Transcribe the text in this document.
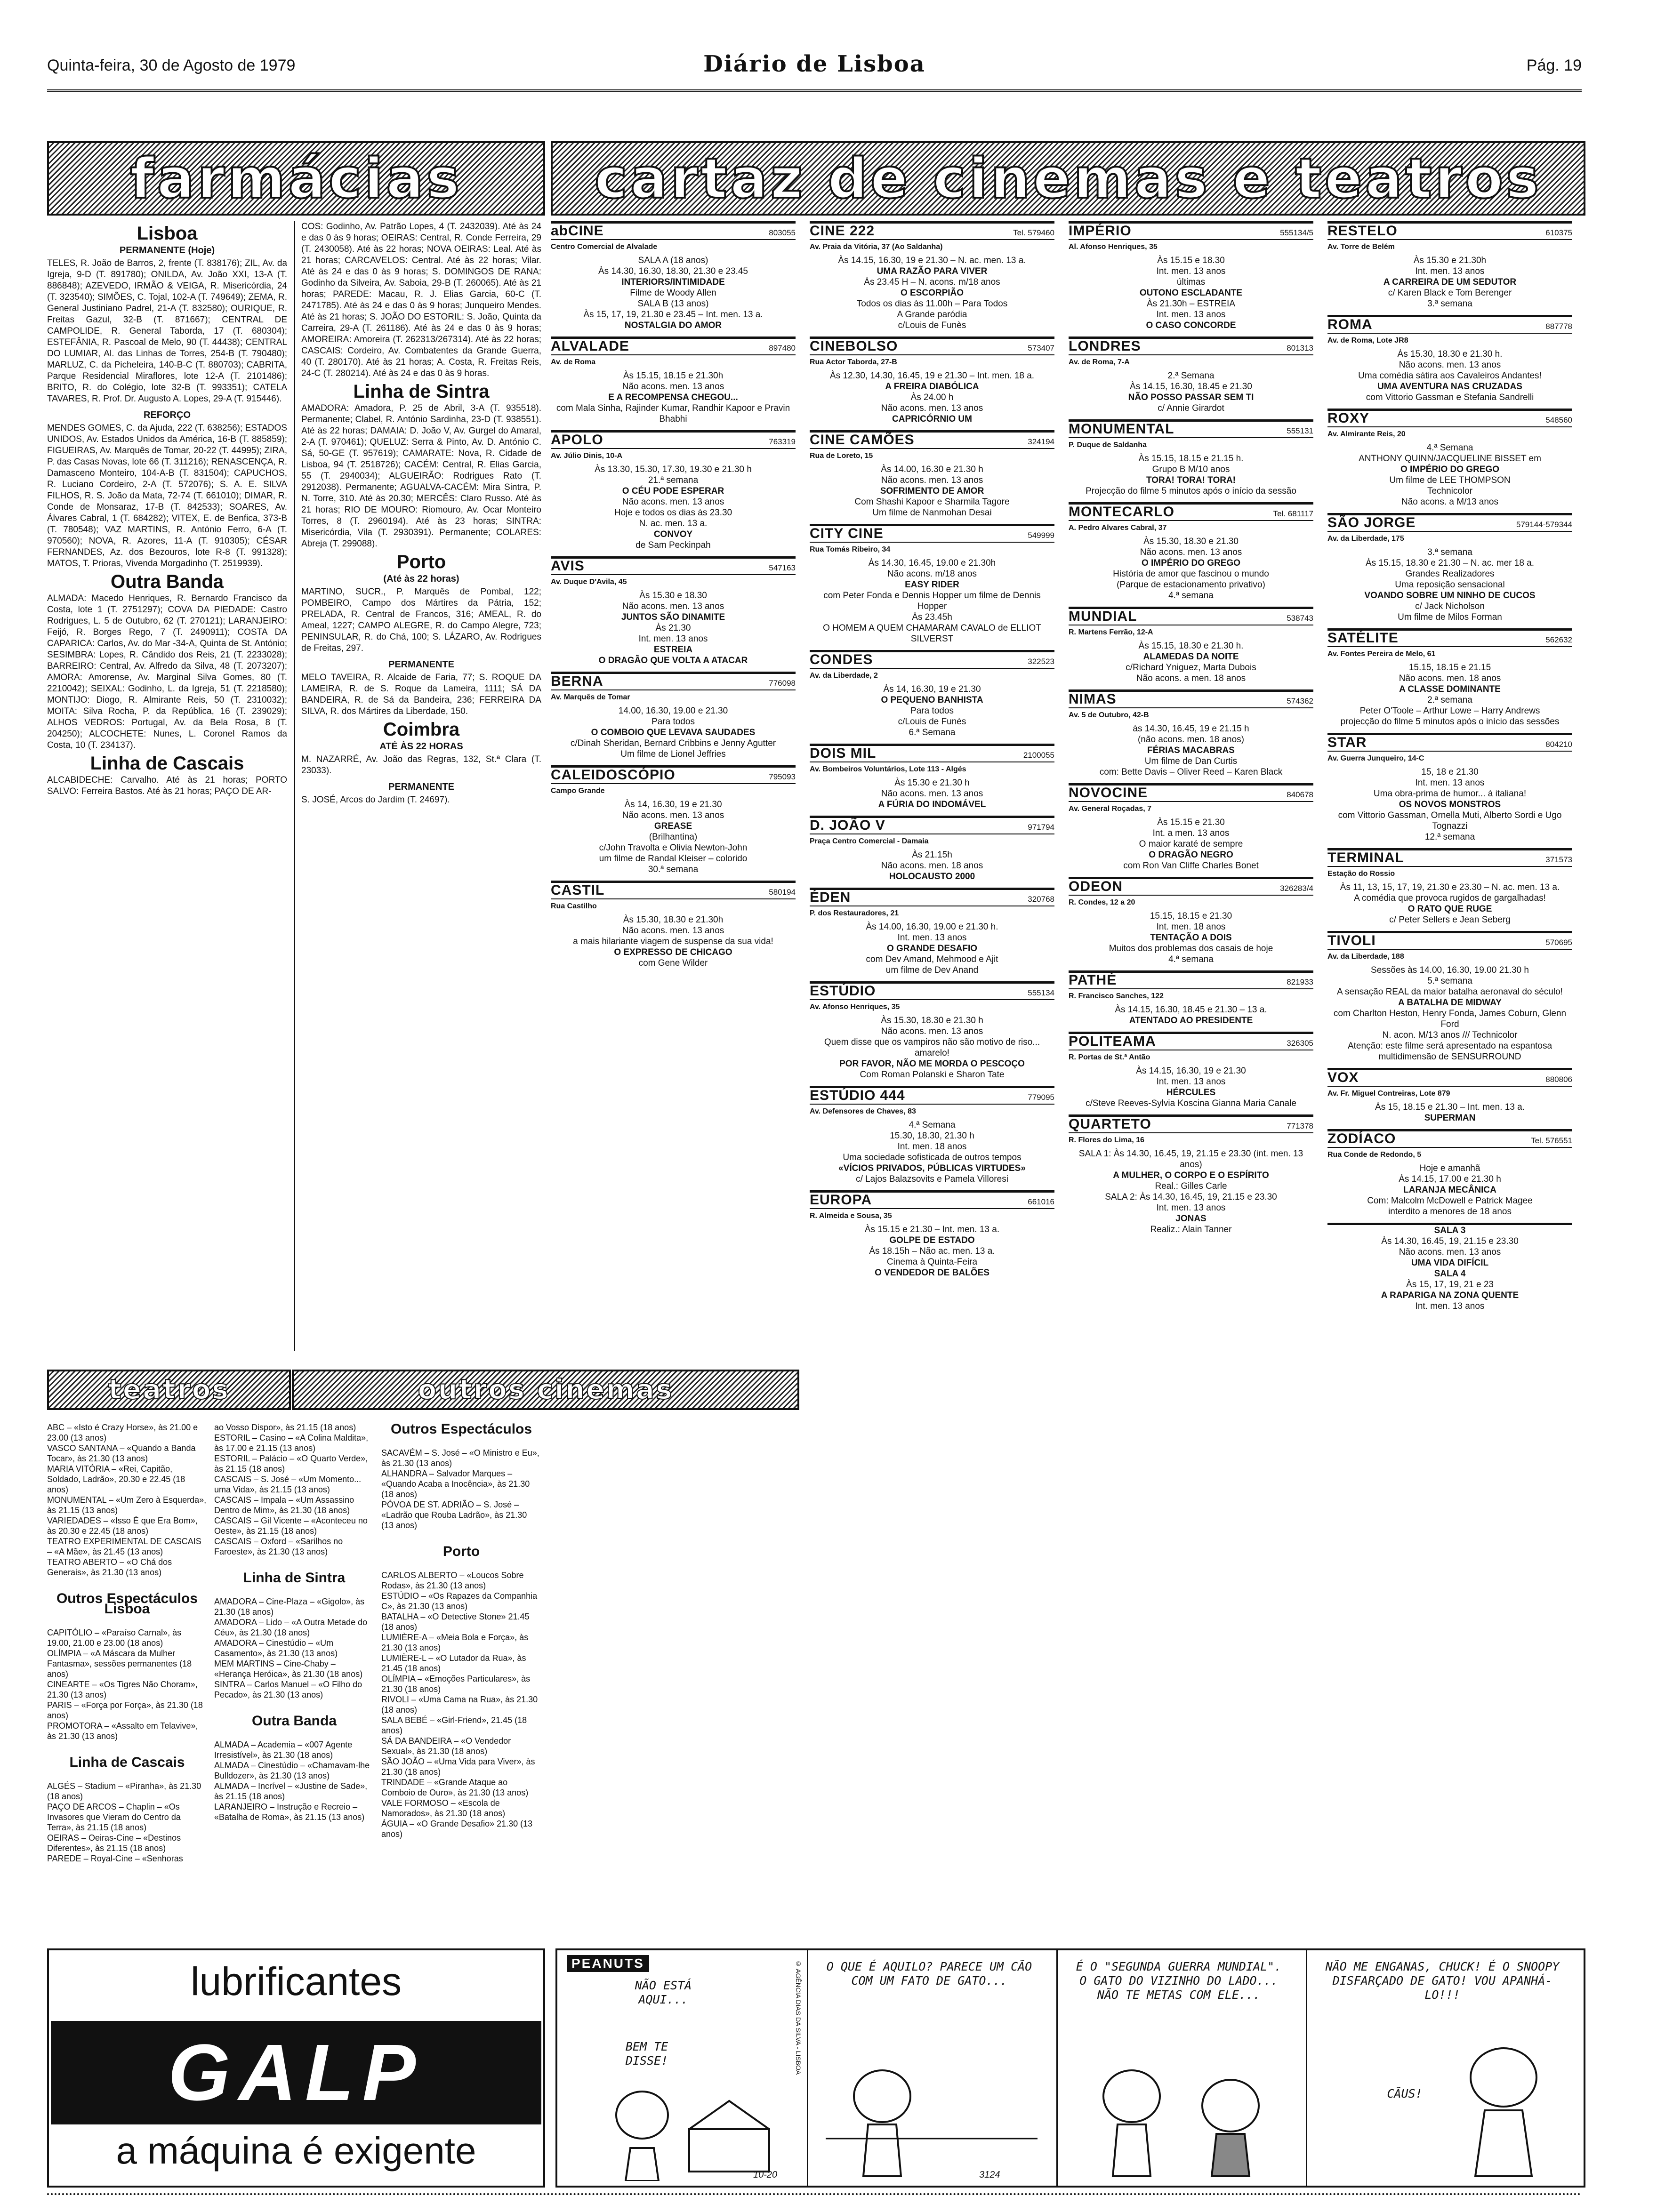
Quinta-feira, 30 de Agosto de 1979	Diário de Lisboa	Pág. 19
farmácias	cartaz de cinemas e teatros
Lisboa
PERMANENTE (Hoje)

TELES, R. João de Barros, 2, frente (T. 838176); ZIL, Av. da Igreja, 9-D (T. 891780); ONILDA, Av. João XXI, 13-A (T. 886848); AZEVEDO, IRMÃO & VEIGA, R. Misericórdia, 24 (T. 323540); SIMÕES, C. Tojal, 102-A (T. 749649); ZEMA, R. General Justiniano Padrel, 21-A (T. 832580); OURIQUE, R. Freitas Gazul, 32-B (T. 871667); CENTRAL DE CAMPOLIDE, R. General Taborda, 17 (T. 680304); ESTEFÂNIA, R. Pascoal de Melo, 90 (T. 44438); CENTRAL DO LUMIAR, Al. das Linhas de Torres, 254-B (T. 790480); MARLUZ, C. da Picheleira, 140-B-C (T. 880703); CABRITA, Parque Residencial Miraflores, lote 12-A (T. 2101486); BRITO, R. do Colégio, lote 32-B (T. 993351); CATELA TAVARES, R. Prof. Dr. Augusto A. Lopes, 29-A (T. 915446).

REFORÇO

MENDES GOMES, C. da Ajuda, 222 (T. 638256); ESTADOS UNIDOS, Av. Estados Unidos da América, 16-B (T. 885859); FIGUEIRAS, Av. Marquês de Tomar, 20-22 (T. 44995); ZIRA, P. das Casas Novas, lote 66 (T. 311216); RENASCENÇA, R. Damasceno Monteiro, 104-A-B (T. 831504); CAPUCHOS, R. Luciano Cordeiro, 2-A (T. 572076); S. A. E. SILVA FILHOS, R. S. João da Mata, 72-74 (T. 661010); DIMAR, R. Conde de Monsaraz, 17-B (T. 842533); SOARES, Av. Álvares Cabral, 1 (T. 684282); VITEX, E. de Benfica, 373-B (T. 780548); VAZ MARTINS, R. António Ferro, 6-A (T. 970560); NOVA, R. Azores, 11-A (T. 910305); CÉSAR FERNANDES, Az. dos Bezouros, lote R-8 (T. 991328); MATOS, T. Prioras, Vivenda Morgadinho (T. 2519939).

Outra Banda

ALMADA: Macedo Henriques, R. Bernardo Francisco da Costa, lote 1 (T. 2751297); COVA DA PIEDADE: Castro Rodrigues, L. 5 de Outubro, 62 (T. 270121); LARANJEIRO: Feijó, R. Borges Rego, 7 (T. 2490911); COSTA DA CAPARICA: Carlos, Av. do Mar -34-A, Quinta de St. António; SESIMBRA: Lopes, R. Cândido dos Reis, 21 (T. 2233028); BARREIRO: Central, Av. Alfredo da Silva, 48 (T. 2073207); AMORA: Amorense, Av. Marginal Silva Gomes, 80 (T. 2210042); SEIXAL: Godinho, L. da Igreja, 51 (T. 2218580); MONTIJO: Diogo, R. Almirante Reis, 50 (T. 2310032); MOITA: Silva Rocha, P. da República, 16 (T. 239029); ALHOS VEDROS: Portugal, Av. da Bela Rosa, 8 (T. 204250); ALCOCHETE: Nunes, L. Coronel Ramos da Costa, 10 (T. 234137).

Linha de Cascais

ALCABIDECHE: Carvalho. Até às 21 horas; PORTO SALVO: Ferreira Bastos. Até às 21 horas; PAÇO DE AR-

COS: Godinho, Av. Patrão Lopes, 4 (T. 2432039). Até às 24 e das 0 às 9 horas; OEIRAS: Central, R. Conde Ferreira, 29 (T. 2430058). Até às 22 horas; NOVA OEIRAS: Leal. Até às 21 horas; CARCAVELOS: Central. Até às 22 horas; Vilar. Até às 24 e das 0 às 9 horas; S. DOMINGOS DE RANA: Godinho da Silveira, Av. Saboia, 29-B (T. 260065). Até às 21 horas; PAREDE: Macau, R. J. Elias Garcia, 60-C (T. 2471785). Até às 24 e das 0 às 9 horas; Junqueiro Mendes. Até às 21 horas; S. JOÃO DO ESTORIL: S. João, Quinta da Carreira, 29-A (T. 261186). Até às 24 e das 0 às 9 horas; AMOREIRA: Amoreira (T. 262313/267314). Até às 22 horas; CASCAIS: Cordeiro, Av. Combatentes da Grande Guerra, 40 (T. 280170). Até às 21 horas; A. Costa, R. Freitas Reis, 24-C (T. 280214). Até às 24 e das 0 às 9 horas.

Linha de Sintra

AMADORA: Amadora, P. 25 de Abril, 3-A (T. 935518). Permanente; Clabel, R. António Sardinha, 23-D (T. 938551). Até às 22 horas; DAMAIA: D. João V, Av. Gurgel do Amaral, 2-A (T. 970461); QUELUZ: Serra & Pinto, Av. D. António C. Sá, 50-GE (T. 957619); CAMARATE: Nova, R. Cidade de Lisboa, 94 (T. 2518726); CACÉM: Central, R. Elias Garcia, 55 (T. 2940034); ALGUEIRÃO: Rodrigues Rato (T. 2912038). Permanente; AGUALVA-CACÉM: Mira Sintra, P. N. Torre, 310. Até às 20.30; MERCÊS: Claro Russo. Até às 21 horas; RIO DE MOURO: Riomouro, Av. Ocar Monteiro Torres, 8 (T. 2960194). Até às 23 horas; SINTRA: Misericórdia, Vila (T. 2930391). Permanente; COLARES: Abreja (T. 299088).

Porto
(Até às 22 horas)

MARTINO, SUCR., P. Marquês de Pombal, 122; POMBEIRO, Campo dos Mártires da Pátria, 152; PRELADA, R. Central de Francos, 316; AMEAL, R. do Ameal, 1227; CAMPO ALEGRE, R. do Campo Alegre, 723; PENINSULAR, R. do Chá, 100; S. LÁZARO, Av. Rodrigues de Freitas, 297.

PERMANENTE

MELO TAVEIRA, R. Alcaide de Faria, 77; S. ROQUE DA LAMEIRA, R. de S. Roque da Lameira, 1111; SÁ DA BANDEIRA, R. de Sá da Bandeira, 236; FERREIRA DA SILVA, R. dos Mártires da Liberdade, 150.

Coimbra
ATÉ ÀS 22 HORAS

M. NAZARRÉ, Av. João das Regras, 132, St.ª Clara (T. 23033).

PERMANENTE

S. JOSÉ, Arcos do Jardim (T. 24697).

teatros	outros cinemas

ABC – «Isto é Crazy Horse», às 21.00 e 23.00 (13 anos)
VASCO SANTANA – «Quando a Banda Tocar», às 21.30 (13 anos)
MARIA VITÓRIA – «Rei, Capitão, Soldado, Ladrão», 20.30 e 22.45 (18 anos)
MONUMENTAL – «Um Zero à Esquerda», às 21.15 (13 anos)
VARIEDADES – «Isso É que Era Bom», às 20.30 e 22.45 (18 anos)
TEATRO EXPERIMENTAL DE CASCAIS – «A Mãe», às 21.45 (13 anos)
TEATRO ABERTO – «O Chá dos Generais», às 21.30 (13 anos)

Outros Espectáculos Lisboa

CAPITÓLIO – «Paraíso Carnal», às 19.00, 21.00 e 23.00 (18 anos)
OLÍMPIA – «A Máscara da Mulher Fantasma», sessões permanentes (18 anos)
CINEARTE – «Os Tigres Não Choram», 21.30 (13 anos)
PARIS – «Força por Força», às 21.30 (18 anos)
PROMOTORA – «Assalto em Telavive», às 21.30 (13 anos)

Linha de Cascais

ALGÉS – Stadium – «Piranha», às 21.30 (18 anos)
PAÇO DE ARCOS – Chaplin – «Os Invasores que Vieram do Centro da Terra», às 21.15 (18 anos)
OEIRAS – Oeiras-Cine – «Destinos Diferentes», às 21.15 (18 anos)
PAREDE – Royal-Cine – «Senhoras

ao Vosso Dispor», às 21.15 (18 anos)
ESTORIL – Casino – «A Colina Maldita», às 17.00 e 21.15 (13 anos)
ESTORIL – Palácio – «O Quarto Verde», às 21.15 (18 anos)
CASCAIS – S. José – «Um Momento... uma Vida», às 21.15 (13 anos)
CASCAIS – Impala – «Um Assassino Dentro de Mim», às 21.30 (18 anos)
CASCAIS – Gil Vicente – «Aconteceu no Oeste», às 21.15 (18 anos)
CASCAIS – Oxford – «Sarilhos no Faroeste», às 21.30 (13 anos)

Linha de Sintra

AMADORA – Cine-Plaza – «Gigolo», às 21.30 (18 anos)
AMADORA – Lido – «A Outra Metade do Céu», às 21.30 (18 anos)
AMADORA – Cinestúdio – «Um Casamento», às 21.30 (13 anos)
MEM MARTINS – Cine-Chaby – «Herança Heróica», às 21.30 (18 anos)
SINTRA – Carlos Manuel – «O Filho do Pecado», às 21.30 (13 anos)

Outra Banda

ALMADA – Academia – «007 Agente Irresistível», às 21.30 (18 anos)
ALMADA – Cinestúdio – «Chamavam-lhe Bulldozer», às 21.30 (13 anos)
ALMADA – Incrível – «Justine de Sade», às 21.15 (18 anos)
LARANJEIRO – Instrução e Recreio – «Batalha de Roma», às 21.15 (13 anos)

Outros Espectáculos

SACAVÉM – S. José – «O Ministro e Eu», às 21.30 (13 anos)
ALHANDRA – Salvador Marques – «Quando Acaba a Inocência», às 21.30 (18 anos)
PÓVOA DE ST. ADRIÃO – S. José – «Ladrão que Rouba Ladrão», às 21.30 (13 anos)

Porto

CARLOS ALBERTO – «Loucos Sobre Rodas», às 21.30 (13 anos)
ESTÚDIO – «Os Rapazes da Companhia C», às 21.30 (13 anos)
BATALHA – «O Detective Stone» 21.45 (18 anos)
LUMIÈRE-A – «Meia Bola e Força», às 21.30 (13 anos)
LUMIÈRE-L – «O Lutador da Rua», às 21.45 (18 anos)
OLÍMPIA – «Emoções Particulares», às 21.30 (18 anos)
RIVOLI – «Uma Cama na Rua», às 21.30 (18 anos)
SALA BEBÉ – «Girl-Friend», 21.45 (18 anos)
SÁ DA BANDEIRA – «O Vendedor Sexual», às 21.30 (18 anos)
SÃO JOÃO – «Uma Vida para Viver», às 21.30 (18 anos)
TRINDADE – «Grande Ataque ao Comboio de Ouro», às 21.30 (13 anos)
VALE FORMOSO – «Escola de Namorados», às 21.30 (18 anos)
ÁGUIA – «O Grande Desafio» 21.30 (13 anos)

abCINE	803055
Centro Comercial de Alvalade
SALA A (18 anos)
Às 14.30, 16.30, 18.30, 21.30 e 23.45
INTERIORS/INTIMIDADE
Filme de Woody Allen
SALA B (13 anos)
Às 15, 17, 19, 21.30 e 23.45 – Int. men. 13 a.
NOSTALGIA DO AMOR
ALVALADE	897480
Av. de Roma
Às 15.15, 18.15 e 21.30h
Não acons. men. 13 anos
E A RECOMPENSA CHEGOU...
com Mala Sinha, Rajinder Kumar, Randhir Kapoor e Pravin Bhabhi
APOLO	763319
Av. Júlio Dinis, 10-A
Às 13.30, 15.30, 17.30, 19.30 e 21.30 h
21.ª semana
O CÉU PODE ESPERAR
Não acons. men. 13 anos
Hoje e todos os dias às 23.30
N. ac. men. 13 a.
CONVOY
de Sam Peckinpah
AVIS	547163
Av. Duque D'Avila, 45
Às 15.30 e 18.30
Não acons. men. 13 anos
JUNTOS SÃO DINAMITE
Às 21.30
Int. men. 13 anos
ESTREIA
O DRAGÃO QUE VOLTA A ATACAR
BERNA	776098
Av. Marquês de Tomar
14.00, 16.30, 19.00 e 21.30
Para todos
O COMBOIO QUE LEVAVA SAUDADES
c/Dinah Sheridan, Bernard Cribbins e Jenny Agutter
Um filme de Lionel Jeffries
CALEIDOSCÓPIO	795093
Campo Grande
Às 14, 16.30, 19 e 21.30
Não acons. men. 13 anos
GREASE
(Brilhantina)
c/John Travolta e Olivia Newton-John
um filme de Randal Kleiser – colorido
30.ª semana
CASTIL	580194
Rua Castilho
Às 15.30, 18.30 e 21.30h
Não acons. men. 13 anos
a mais hilariante viagem de suspense da sua vida!
O EXPRESSO DE CHICAGO
com Gene Wilder
CINE 222	Tel. 579460
Av. Praia da Vitória, 37 (Ao Saldanha)
Às 14.15, 16.30, 19 e 21.30 – N. ac. men. 13 a.
UMA RAZÃO PARA VIVER
Às 23.45 H – N. acons. m/18 anos
O ESCORPIÃO
Todos os dias às 11.00h – Para Todos
A Grande paródia
c/Louis de Funès
CINEBOLSO	573407
Rua Actor Taborda, 27-B
Às 12.30, 14.30, 16.45, 19 e 21.30 – Int. men. 18 a.
A FREIRA DIABÓLICA
Às 24.00 h
Não acons. men. 13 anos
CAPRICÓRNIO UM
CINE CAMÕES	324194
Rua de Loreto, 15
Às 14.00, 16.30 e 21.30 h
Não acons. men. 13 anos
SOFRIMENTO DE AMOR
Com Shashi Kapoor e Sharmila Tagore
Um filme de Nanmohan Desai
CITY CINE	549999
Rua Tomás Ribeiro, 34
Às 14.30, 16.45, 19.00 e 21.30h
Não acons. m/18 anos
EASY RIDER
com Peter Fonda e Dennis Hopper um filme de Dennis Hopper
Às 23.45h
O HOMEM A QUEM CHAMARAM CAVALO de ELLIOT SILVERST
CONDES	322523
Av. da Liberdade, 2
Às 14, 16.30, 19 e 21.30
O PEQUENO BANHISTA
Para todos
c/Louis de Funès
6.ª Semana
DOIS MIL	2100055
Av. Bombeiros Voluntários, Lote 113 - Algés
Às 15.30 e 21.30 h
Não acons. men. 13 anos
A FÚRIA DO INDOMÁVEL
D. JOÃO V	971794
Praça Centro Comercial - Damaia
Às 21.15h
Não acons. men. 18 anos
HOLOCAUSTO 2000
ÉDEN	320768
P. dos Restauradores, 21
Às 14.00, 16.30, 19.00 e 21.30 h.
Int. men. 13 anos
O GRANDE DESAFIO
com Dev Amand, Mehmood e Ajit
um filme de Dev Anand
ESTÚDIO	555134
Av. Afonso Henriques, 35
Às 15.30, 18.30 e 21.30 h
Não acons. men. 13 anos
Quem disse que os vampiros não são motivo de riso... amarelo!
POR FAVOR, NÃO ME MORDA O PESCOÇO
Com Roman Polanski e Sharon Tate
ESTÚDIO 444	779095
Av. Defensores de Chaves, 83
4.ª Semana
15.30, 18.30, 21.30 h
Int. men. 18 anos
Uma sociedade sofisticada de outros tempos
«VÍCIOS PRIVADOS, PÚBLICAS VIRTUDES»
c/ Lajos Balazsovits e Pamela Villoresi
EUROPA	661016
R. Almeida e Sousa, 35
Às 15.15 e 21.30 – Int. men. 13 a.
GOLPE DE ESTADO
Às 18.15h – Não ac. men. 13 a.
Cinema à Quinta-Feira
O VENDEDOR DE BALÕES
IMPÉRIO	555134/5
Al. Afonso Henriques, 35
Às 15.15 e 18.30
Int. men. 13 anos
últimas
OUTONO ESCLADANTE
Às 21.30h – ESTREIA
Int. men. 13 anos
O CASO CONCORDE
LONDRES	801313
Av. de Roma, 7-A
2.ª Semana
Às 14.15, 16.30, 18.45 e 21.30
NÃO POSSO PASSAR SEM TI
c/ Annie Girardot
MONUMENTAL	555131
P. Duque de Saldanha
Às 15.15, 18.15 e 21.15 h.
Grupo B M/10 anos
TORA! TORA! TORA!
Projecção do filme 5 minutos após o início da sessão
MONTECARLO	Tel. 681117
A. Pedro Alvares Cabral, 37
Às 15.30, 18.30 e 21.30
Não acons. men. 13 anos
O IMPÉRIO DO GREGO
História de amor que fascinou o mundo
(Parque de estacionamento privativo)
4.ª semana
MUNDIAL	538743
R. Martens Ferrão, 12-A
Às 15.15, 18.30 e 21.30 h.
ALAMEDAS DA NOITE
c/Richard Yniguez, Marta Dubois
Não acons. a men. 18 anos
NIMAS	574362
Av. 5 de Outubro, 42-B
às 14.30, 16.45, 19 e 21.15 h
(não acons. men. 18 anos)
FÉRIAS MACABRAS
Um filme de Dan Curtis
com: Bette Davis – Oliver Reed – Karen Black
NOVOCINE	840678
Av. General Roçadas, 7
Às 15.15 e 21.30
Int. a men. 13 anos
O maior karaté de sempre
O DRAGÃO NEGRO
com Ron Van Cliffe Charles Bonet
ODEON	326283/4
R. Condes, 12 a 20
15.15, 18.15 e 21.30
Int. men. 18 anos
TENTAÇÃO A DOIS
Muitos dos problemas dos casais de hoje
4.ª semana
PATHÉ	821933
R. Francisco Sanches, 122
Às 14.15, 16.30, 18.45 e 21.30 – 13 a.
ATENTADO AO PRESIDENTE
POLITEAMA	326305
R. Portas de St.ª Antão
Às 14.15, 16.30, 19 e 21.30
Int. men. 13 anos
HÉRCULES
c/Steve Reeves-Sylvia Koscina Gianna Maria Canale
QUARTETO	771378
R. Flores do Lima, 16
SALA 1: Às 14.30, 16.45, 19, 21.15 e 23.30 (int. men. 13 anos)
A MULHER, O CORPO E O ESPÍRITO
Real.: Gilles Carle
SALA 2: Às 14.30, 16.45, 19, 21.15 e 23.30
Int. men. 13 anos
JONAS
Realiz.: Alain Tanner
RESTELO	610375
Av. Torre de Belém
Às 15.30 e 21.30h
Int. men. 13 anos
A CARREIRA DE UM SEDUTOR
c/ Karen Black e Tom Berenger
3.ª semana
ROMA	887778
Av. de Roma, Lote JR8
Às 15.30, 18.30 e 21.30 h.
Não acons. men. 13 anos
Uma comédia sátira aos Cavaleiros Andantes!
UMA AVENTURA NAS CRUZADAS
com Vittorio Gassman e Stefania Sandrelli
ROXY	548560
Av. Almirante Reis, 20
4.ª Semana
ANTHONY QUINN/JACQUELINE BISSET em
O IMPÉRIO DO GREGO
Um filme de LEE THOMPSON
Technicolor
Não acons. a M/13 anos
SÃO JORGE	579144-579344
Av. da Liberdade, 175
3.ª semana
Às 15.15, 18.30 e 21.30 – N. ac. mer 18 a.
Grandes Realizadores
Uma reposição sensacional
VOANDO SOBRE UM NINHO DE CUCOS
c/ Jack Nicholson
Um filme de Milos Forman
SATÉLITE	562632
Av. Fontes Pereira de Melo, 61
15.15, 18.15 e 21.15
Não acons. men. 18 anos
A CLASSE DOMINANTE
2.ª semana
Peter O'Toole – Arthur Lowe – Harry Andrews
projecção do filme 5 minutos após o início das sessões
STAR	804210
Av. Guerra Junqueiro, 14-C
15, 18 e 21.30
Int. men. 13 anos
Uma obra-prima de humor... à italiana!
OS NOVOS MONSTROS
com Vittorio Gassman, Ornella Muti, Alberto Sordi e Ugo Tognazzi
12.ª semana
TERMINAL	371573
Estação do Rossio
Às 11, 13, 15, 17, 19, 21.30 e 23.30 – N. ac. men. 13 a.
A comédia que provoca rugidos de gargalhadas!
O RATO QUE RUGE
c/ Peter Sellers e Jean Seberg
TIVOLI	570695
Av. da Liberdade, 188
Sessões às 14.00, 16.30, 19.00 21.30 h
5.ª semana
A sensação REAL da maior batalha aeronaval do século!
A BATALHA DE MIDWAY
com Charlton Heston, Henry Fonda, James Coburn, Glenn Ford
N. acon. M/13 anos /// Technicolor
Atenção: este filme será apresentado na espantosa multidimensão de SENSURROUND
VOX	880806
Av. Fr. Miguel Contreiras, Lote 879
Às 15, 18.15 e 21.30 – Int. men. 13 a.
SUPERMAN
ZODÍACO	Tel. 576551
Rua Conde de Redondo, 5
Hoje e amanhã
Às 14.15, 17.00 e 21.30 h
LARANJA MECÂNICA
Com: Malcolm McDowell e Patrick Magee
interdito a menores de 18 anos
SALA 3
Às 14.30, 16.45, 19, 21.15 e 23.30
Não acons. men. 13 anos
UMA VIDA DIFÍCIL
SALA 4
Às 15, 17, 19, 21 e 23
A RAPARIGA NA ZONA QUENTE
Int. men. 13 anos
lubrificantes
GALP
a máquina é exigente
PEANUTS
NÃO ESTÁ AQUI...
BEM TE DISSE!	© AGÊNCIA DIAS DA SILVA - LISBOA	O QUE É AQUILO? PARECE UM CÃO COM UM FATO DE GATO...
É O "SEGUNDA GUERRA MUNDIAL". O GATO DO VIZINHO DO LADO... NÃO TE METAS COM ELE...
NÃO ME ENGANAS, CHUCK! É O SNOOPY DISFARÇADO DE GATO! VOU APANHÁ-LO!!!
CÃUS!
10-20	3124
